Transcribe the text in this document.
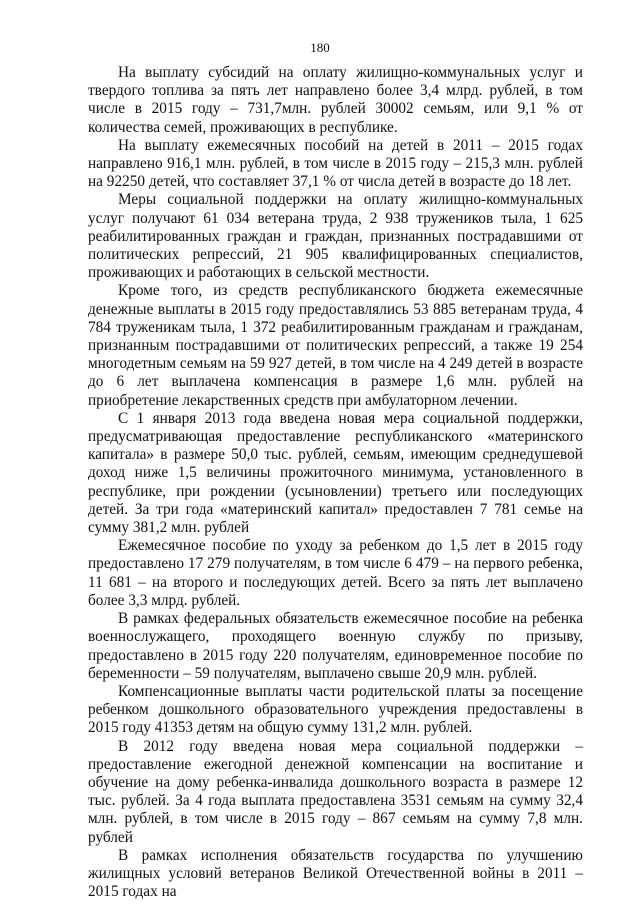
180

На выплату субсидий на оплату жилищно-коммунальных услуг и твердого топлива за пять лет направлено более 3,4 млрд. рублей, в том числе в 2015 году – 731,7млн. рублей 30002 семьям, или 9,1 % от количества семей, проживающих в республике.

На выплату ежемесячных пособий на детей в 2011 – 2015 годах направлено 916,1 млн. рублей, в том числе в 2015 году – 215,3 млн. рублей на 92250 детей, что составляет 37,1 % от числа детей в возрасте до 18 лет.

Меры социальной поддержки на оплату жилищно-коммунальных услуг получают 61 034 ветерана труда, 2 938 тружеников тыла, 1 625 реабилитированных граждан и граждан, признанных пострадавшими от политических репрессий, 21 905 квалифицированных специалистов, проживающих и работающих в сельской местности.

Кроме того, из средств республиканского бюджета ежемесячные денежные выплаты в 2015 году предоставлялись 53 885 ветеранам труда, 4 784 труженикам тыла, 1 372 реабилитированным гражданам и гражданам, признанным пострадавшими от политических репрессий, а также 19 254 многодетным семьям на 59 927 детей, в том числе на 4 249 детей в возрасте до 6 лет выплачена компенсация в размере 1,6 млн. рублей на приобретение лекарственных средств при амбулаторном лечении.

С 1 января 2013 года введена новая мера социальной поддержки, предусматривающая предоставление республиканского «материнского капитала» в размере 50,0 тыс. рублей, семьям, имеющим среднедушевой доход ниже 1,5 величины прожиточного минимума, установленного в республике, при рождении (усыновлении) третьего или последующих детей. За три года «материнский капитал» предоставлен 7 781 семье на сумму 381,2 млн. рублей

Ежемесячное пособие по уходу за ребенком до 1,5 лет в 2015 году предоставлено 17 279 получателям, в том числе 6 479 – на первого ребенка, 11 681 – на второго и последующих детей. Всего за пять лет выплачено более 3,3 млрд. рублей.

В рамках федеральных обязательств ежемесячное пособие на ребенка военнослужащего, проходящего военную службу по призыву, предоставлено в 2015 году 220 получателям, единовременное пособие по беременности – 59 получателям, выплачено свыше 20,9 млн. рублей.

Компенсационные выплаты части родительской платы за посещение ребенком дошкольного образовательного учреждения предоставлены в 2015 году 41353 детям на общую сумму 131,2 млн. рублей.

В 2012 году введена новая мера социальной поддержки – предоставление ежегодной денежной компенсации на воспитание и обучение на дому ребенка-инвалида дошкольного возраста в размере 12 тыс. рублей. За 4 года выплата предоставлена 3531 семьям на сумму 32,4 млн. рублей, в том числе в 2015 году – 867 семьям на сумму 7,8 млн. рублей

В рамках исполнения обязательств государства по улучшению жилищных условий ветеранов Великой Отечественной войны в 2011 – 2015 годах на
